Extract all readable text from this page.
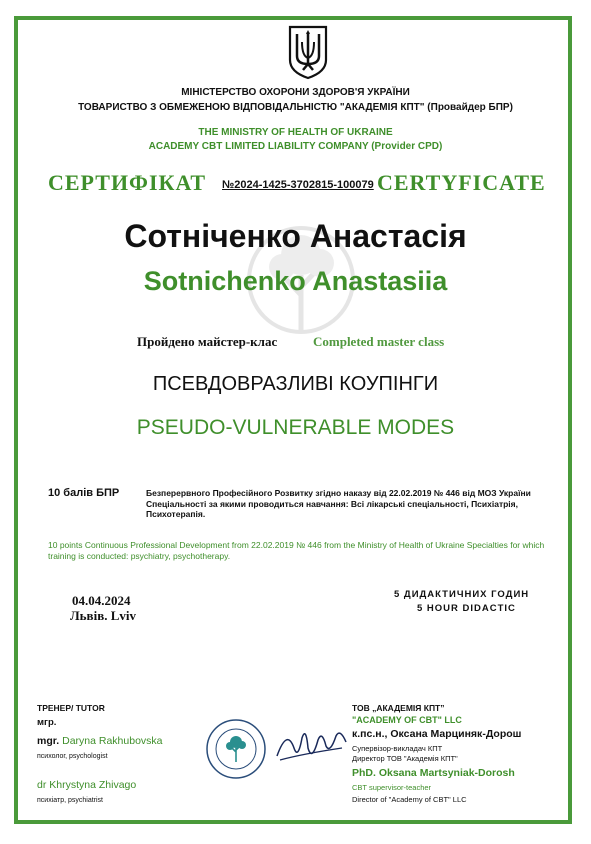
МІНІСТЕРСТВО ОХОРОНИ ЗДОРОВ'Я УКРАЇНИ
ТОВАРИСТВО З ОБМЕЖЕНОЮ ВІДПОВІДАЛЬНІСТЮ "АКАДЕМІЯ КПТ" (Провайдер БПР)
THE MINISTRY OF HEALTH OF UKRAINE
ACADEMY CBT LIMITED LIABILITY COMPANY (Provider CPD)
СЕРТИФІКАТ №2024-1425-3702815-100079 CERTYFICATE
Сотніченко Анастасія
Sotnichenko Anastasiia
Пройдено майстер-клас	Completed master class
ПСЕВДОВРАЗЛИВІ КОУПІНГИ
PSEUDO-VULNERABLE MODES
10 балів БПР	Безперервного Професійного Розвитку згідно наказу від 22.02.2019 № 446 від МОЗ України Спеціальності за якими проводиться навчання: Всі лікарські спеціальності, Психіатрія, Психотерапія.
10 points Continuous Professional Development from 22.02.2019 № 446 from the Ministry of Health of Ukraine Specialties for which training is conducted: psychiatry, psychotherapy.
04.04.2024
Львів. Lviv
5 ДИДАКТИЧНИХ ГОДИН
5 HOUR DIDACTIC
ТРЕНЕР/ TUTOR
мгр.
mgr. Daryna Rakhubovska
психолог, psychologist
dr Khrystyna Zhivago
психіатр, psychiatrist
ТОВ „АКАДЕМІЯ КПТ”
"ACADEMY OF CBT" LLC
к.пс.н., Оксана Марциняк-Дорош
Супервізор-викладач КПТ
Директор ТОВ "Академія КПТ"
PhD. Oksana Martsyniak-Dorosh
CBT supervisor-teacher
Director of "Academy of CBT" LLC
